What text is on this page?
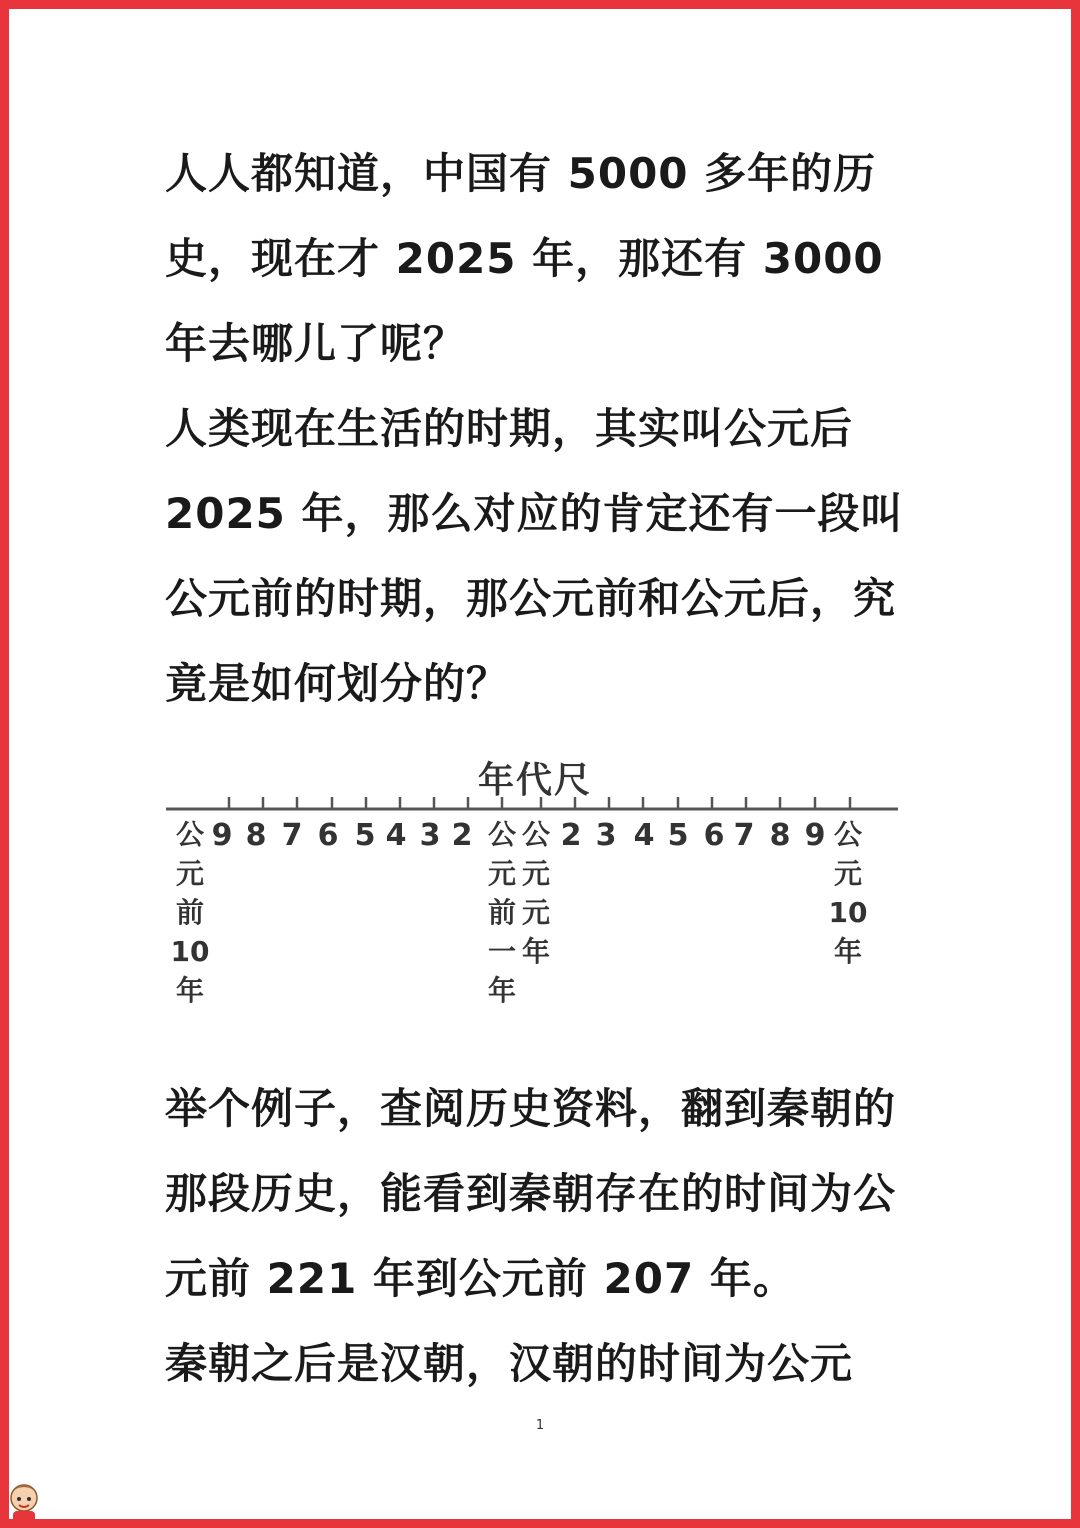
人人都知道，中国有 5000 多年的历史，现在才 2025 年，那还有 3000 年去哪儿了呢？

人类现在生活的时期，其实叫公元后 2025 年，那么对应的肯定还有一段叫公元前的时期，那公元前和公元后，究竟是如何划分的？

年代尺
9 8 7 6 5 4 3 2	2 3 4 5 6 7 8 9
公
元
前
10
年
公
元
前
一
年
公
元
元
年
公
元
10
年

举个例子，查阅历史资料，翻到秦朝的那段历史，能看到秦朝存在的时间为公元前 221 年到公元前 207 年。

秦朝之后是汉朝，汉朝的时间为公元

1
